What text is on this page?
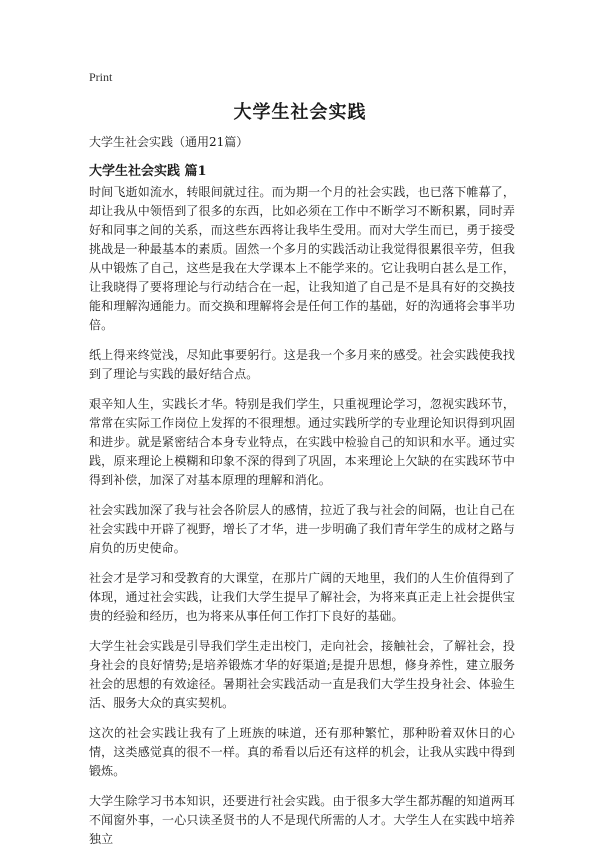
Print
大学生社会实践
大学生社会实践（通用21篇）
大学生社会实践 篇1

时间飞逝如流水，转眼间就过往。而为期一个月的社会实践，也已落下帷幕了，却让我从中领悟到了很多的东西，比如必须在工作中不断学习不断积累，同时弄好和同事之间的关系，而这些东西将让我毕生受用。而对大学生而已，勇于接受挑战是一种最基本的素质。固然一个多月的实践活动让我觉得很累很辛劳，但我从中锻炼了自己，这些是我在大学课本上不能学来的。它让我明白甚么是工作，让我晓得了要将理论与行动结合在一起，让我知道了自己是不是具有好的交换技能和理解沟通能力。而交换和理解将会是任何工作的基础，好的沟通将会事半功倍。

纸上得来终觉浅，尽知此事要躬行。这是我一个多月来的感受。社会实践使我找到了理论与实践的最好结合点。

艰辛知人生，实践长才华。特别是我们学生，只重视理论学习，忽视实践环节，常常在实际工作岗位上发挥的不很理想。通过实践所学的专业理论知识得到巩固和进步。就是紧密结合本身专业特点，在实践中检验自己的知识和水平。通过实践，原来理论上模糊和印象不深的得到了巩固，本来理论上欠缺的在实践环节中得到补偿，加深了对基本原理的理解和消化。

社会实践加深了我与社会各阶层人的感情，拉近了我与社会的间隔，也让自己在社会实践中开辟了视野，增长了才华，进一步明确了我们青年学生的成材之路与肩负的历史使命。

社会才是学习和受教育的大课堂，在那片广阔的天地里，我们的人生价值得到了体现，通过社会实践，让我们大学生提早了解社会，为将来真正走上社会提供宝贵的经验和经历，也为将来从事任何工作打下良好的基础。

大学生社会实践是引导我们学生走出校门，走向社会，接触社会，了解社会，投身社会的良好情势;是培养锻炼才华的好渠道;是提升思想，修身养性，建立服务社会的思想的有效途径。暑期社会实践活动一直是我们大学生投身社会、体验生活、服务大众的真实契机。

这次的社会实践让我有了上班族的味道，还有那种繁忙，那种盼着双休日的心情，这类感觉真的很不一样。真的希看以后还有这样的机会，让我从实践中得到锻炼。

大学生除学习书本知识，还要进行社会实践。由于很多大学生都苏醒的知道两耳不闻窗外事，一心只读圣贤书的人不是现代所需的人才。大学生人在实践中培养独立
